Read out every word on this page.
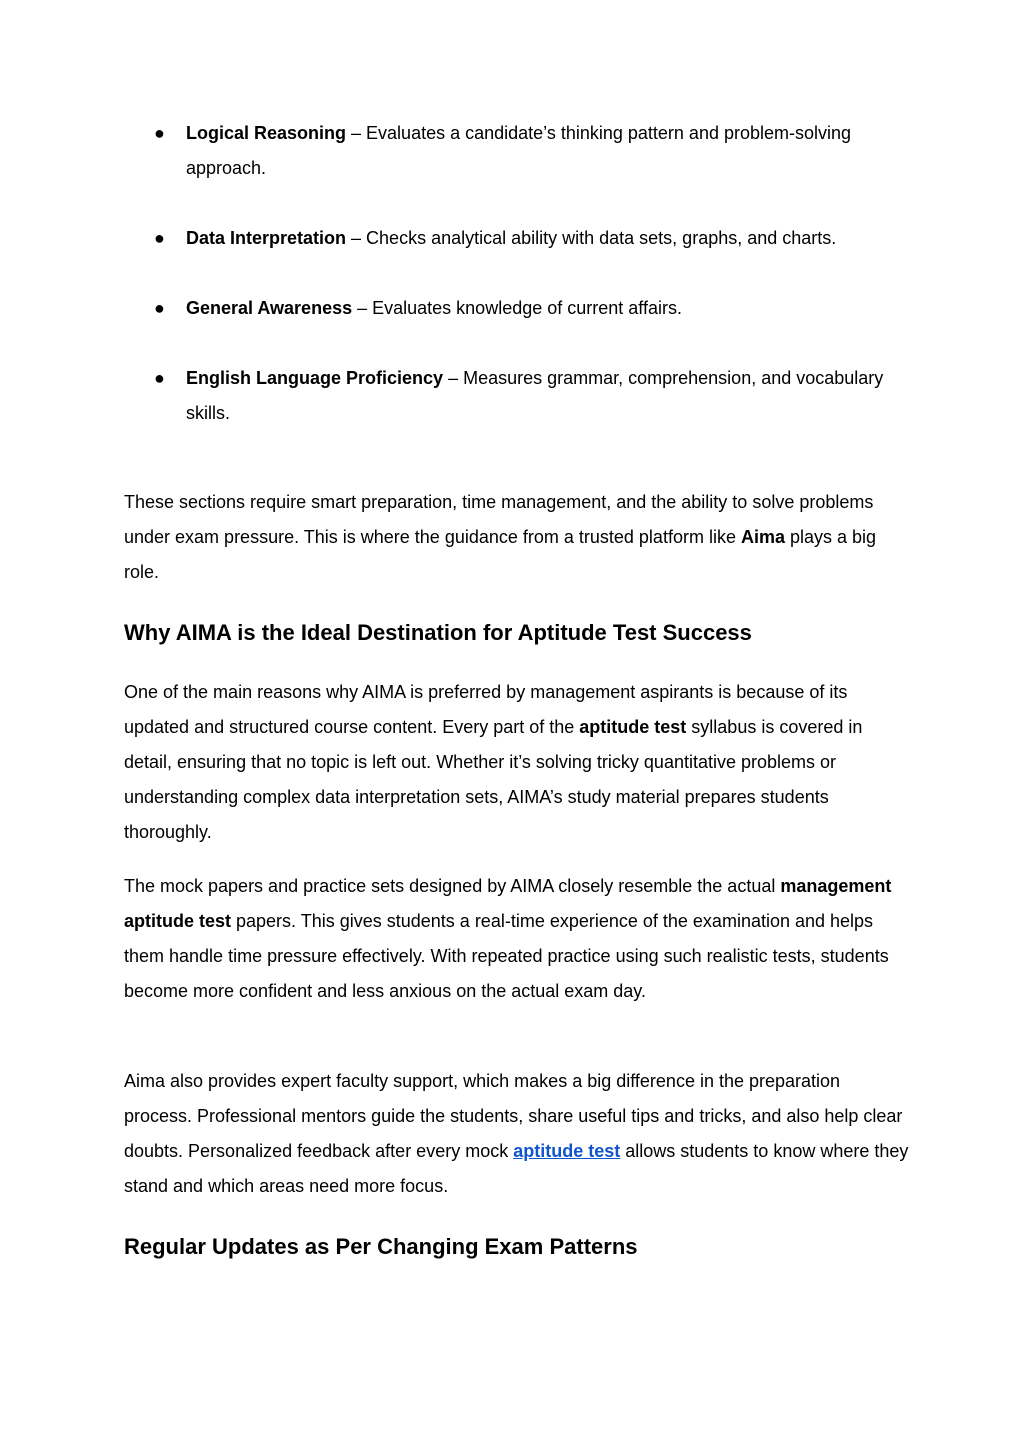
● Logical Reasoning – Evaluates a candidate’s thinking pattern and problem-solving approach.
● Data Interpretation – Checks analytical ability with data sets, graphs, and charts.
● General Awareness – Evaluates knowledge of current affairs.
● English Language Proficiency – Measures grammar, comprehension, and vocabulary skills.

These sections require smart preparation, time management, and the ability to solve problems under exam pressure. This is where the guidance from a trusted platform like Aima plays a big role.

Why AIMA is the Ideal Destination for Aptitude Test Success

One of the main reasons why AIMA is preferred by management aspirants is because of its updated and structured course content. Every part of the aptitude test syllabus is covered in detail, ensuring that no topic is left out. Whether it’s solving tricky quantitative problems or understanding complex data interpretation sets, AIMA’s study material prepares students thoroughly.

The mock papers and practice sets designed by AIMA closely resemble the actual management aptitude test papers. This gives students a real-time experience of the examination and helps them handle time pressure effectively. With repeated practice using such realistic tests, students become more confident and less anxious on the actual exam day.

Aima also provides expert faculty support, which makes a big difference in the preparation process. Professional mentors guide the students, share useful tips and tricks, and also help clear doubts. Personalized feedback after every mock aptitude test allows students to know where they stand and which areas need more focus.

Regular Updates as Per Changing Exam Patterns
